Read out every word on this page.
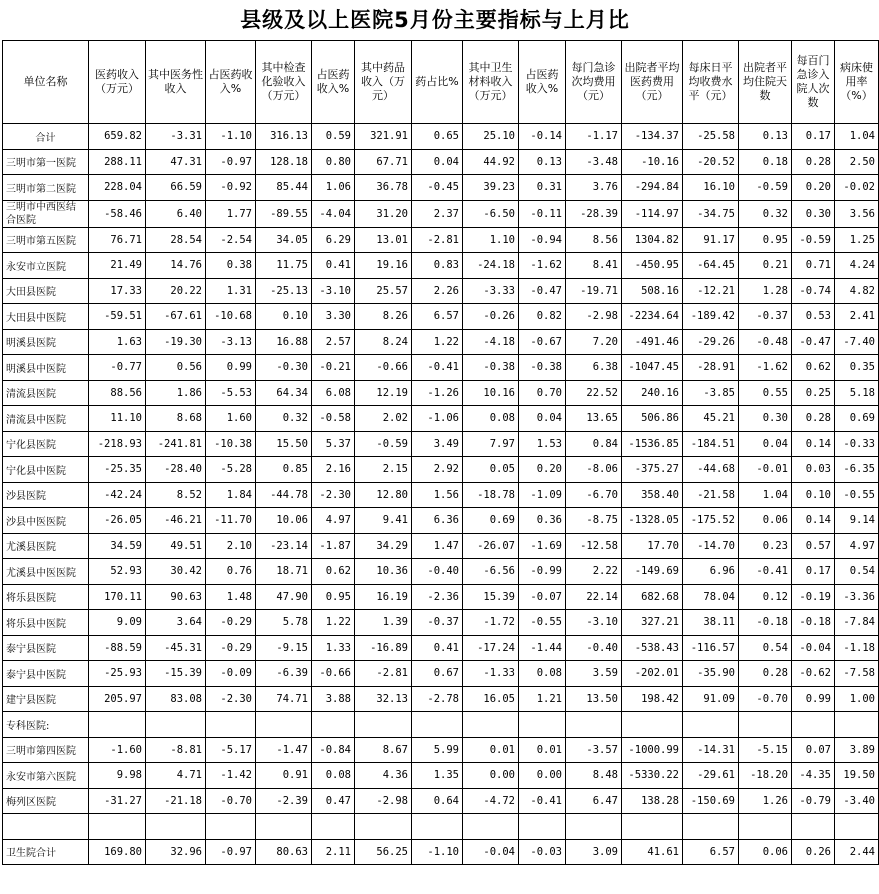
县级及以上医院5月份主要指标与上月比
单位名称	医药收入（万元）	其中医务性收入	占医药收入%	其中检查化验收入（万元）	占医药收入%	其中药品收入（万元）	药占比%	其中卫生材料收入（万元）	占医药收入%	每门急诊次均费用（元）	出院者平均医药费用（元）	每床日平均收费水平（元）	出院者平均住院天数	每百门急诊入院人次数	病床使用率（%）
合计	659.82	-3.31	-1.10	316.13	0.59	321.91	0.65	25.10	-0.14	-1.17	-134.37	-25.58	0.13	0.17	1.04
三明市第一医院	288.11	47.31	-0.97	128.18	0.80	67.71	0.04	44.92	0.13	-3.48	-10.16	-20.52	0.18	0.28	2.50
三明市第二医院	228.04	66.59	-0.92	85.44	1.06	36.78	-0.45	39.23	0.31	3.76	-294.84	16.10	-0.59	0.20	-0.02
三明市中西医结合医院	-58.46	6.40	1.77	-89.55	-4.04	31.20	2.37	-6.50	-0.11	-28.39	-114.97	-34.75	0.32	0.30	3.56
三明市第五医院	76.71	28.54	-2.54	34.05	6.29	13.01	-2.81	1.10	-0.94	8.56	1304.82	91.17	0.95	-0.59	1.25
永安市立医院	21.49	14.76	0.38	11.75	0.41	19.16	0.83	-24.18	-1.62	8.41	-450.95	-64.45	0.21	0.71	4.24
大田县医院	17.33	20.22	1.31	-25.13	-3.10	25.57	2.26	-3.33	-0.47	-19.71	508.16	-12.21	1.28	-0.74	4.82
大田县中医院	-59.51	-67.61	-10.68	0.10	3.30	8.26	6.57	-0.26	0.82	-2.98	-2234.64	-189.42	-0.37	0.53	2.41
明溪县医院	1.63	-19.30	-3.13	16.88	2.57	8.24	1.22	-4.18	-0.67	7.20	-491.46	-29.26	-0.48	-0.47	-7.40
明溪县中医院	-0.77	0.56	0.99	-0.30	-0.21	-0.66	-0.41	-0.38	-0.38	6.38	-1047.45	-28.91	-1.62	0.62	0.35
清流县医院	88.56	1.86	-5.53	64.34	6.08	12.19	-1.26	10.16	0.70	22.52	240.16	-3.85	0.55	0.25	5.18
清流县中医院	11.10	8.68	1.60	0.32	-0.58	2.02	-1.06	0.08	0.04	13.65	506.86	45.21	0.30	0.28	0.69
宁化县医院	-218.93	-241.81	-10.38	15.50	5.37	-0.59	3.49	7.97	1.53	0.84	-1536.85	-184.51	0.04	0.14	-0.33
宁化县中医院	-25.35	-28.40	-5.28	0.85	2.16	2.15	2.92	0.05	0.20	-8.06	-375.27	-44.68	-0.01	0.03	-6.35
沙县医院	-42.24	8.52	1.84	-44.78	-2.30	12.80	1.56	-18.78	-1.09	-6.70	358.40	-21.58	1.04	0.10	-0.55
沙县中医医院	-26.05	-46.21	-11.70	10.06	4.97	9.41	6.36	0.69	0.36	-8.75	-1328.05	-175.52	0.06	0.14	9.14
尤溪县医院	34.59	49.51	2.10	-23.14	-1.87	34.29	1.47	-26.07	-1.69	-12.58	17.70	-14.70	0.23	0.57	4.97
尤溪县中医医院	52.93	30.42	0.76	18.71	0.62	10.36	-0.40	-6.56	-0.99	2.22	-149.69	6.96	-0.41	0.17	0.54
将乐县医院	170.11	90.63	1.48	47.90	0.95	16.19	-2.36	15.39	-0.07	22.14	682.68	78.04	0.12	-0.19	-3.36
将乐县中医院	9.09	3.64	-0.29	5.78	1.22	1.39	-0.37	-1.72	-0.55	-3.10	327.21	38.11	-0.18	-0.18	-7.84
泰宁县医院	-88.59	-45.31	-0.29	-9.15	1.33	-16.89	0.41	-17.24	-1.44	-0.40	-538.43	-116.57	0.54	-0.04	-1.18
泰宁县中医院	-25.93	-15.39	-0.09	-6.39	-0.66	-2.81	0.67	-1.33	0.08	3.59	-202.01	-35.90	0.28	-0.62	-7.58
建宁县医院	205.97	83.08	-2.30	74.71	3.88	32.13	-2.78	16.05	1.21	13.50	198.42	91.09	-0.70	0.99	1.00
专科医院:															
三明市第四医院	-1.60	-8.81	-5.17	-1.47	-0.84	8.67	5.99	0.01	0.01	-3.57	-1000.99	-14.31	-5.15	0.07	3.89
永安市第六医院	9.98	4.71	-1.42	0.91	0.08	4.36	1.35	0.00	0.00	8.48	-5330.22	-29.61	-18.20	-4.35	19.50
梅列区医院	-31.27	-21.18	-0.70	-2.39	0.47	-2.98	0.64	-4.72	-0.41	6.47	138.28	-150.69	1.26	-0.79	-3.40

卫生院合计	169.80	32.96	-0.97	80.63	2.11	56.25	-1.10	-0.04	-0.03	3.09	41.61	6.57	0.06	0.26	2.44
